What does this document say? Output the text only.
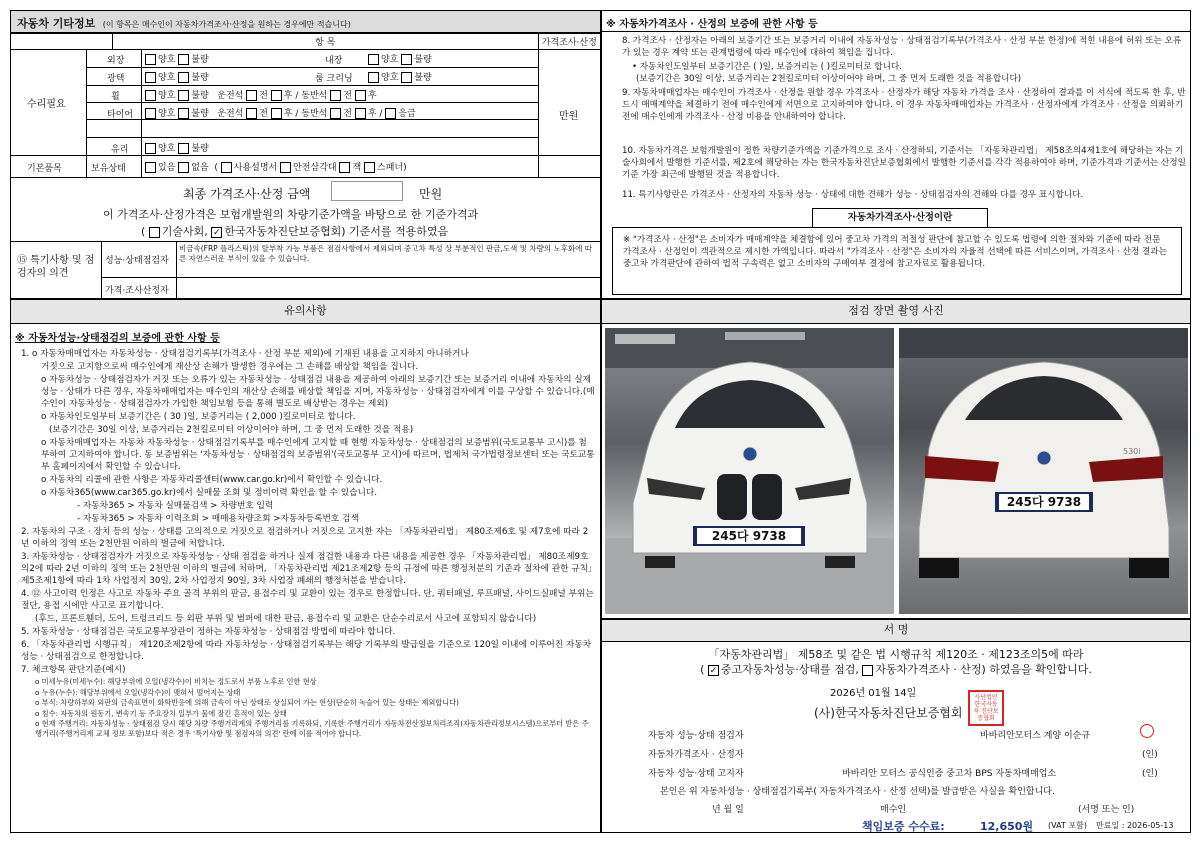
자동차 기타정보 (이 항목은 매수인이 자동차가격조사·산정을 원하는 경우에만 적습니다)
	항 목	가격조사·산정
수리필요
만원
외장	양호 불량	내장	양호 불량
광택	양호 불량	룸 크리닝	양호 불량
휠	양호 불량 운전석 전 후 / 동반석 전 후
타이어	양호 불량 운전석 전 후 / 동반석 전 후 / 응급
유리	양호 불량
기본품목	보유상태	있음 없음  ( 사용설명서 안전삼각대 잭 스패너)
최종 가격조사·산정 금액	만원
이 가격조사·산정가격은 보험개발원의 차량기준가액을 바탕으로 한 기준가격과
( 기술사회, ✓ 한국자동차진단보증협회) 기준서를 적용하였음
⑮ 특기사항 및 점검자의 의견
성능·상태점검자
비금속(FRP 플라스틱)의 탈부착 가능 부품은 점검사항에서 제외되며 중고차 특성 상 부분적인 판금,도색 및 차량의 노후화에 따른 자연스러운 부식이 있을 수 있습니다.
가격·조사산정자
※ 자동차가격조사 · 산정의 보증에 관한 사항 등
8. 가격조사 · 산정자는 아래의 보증기간 또는 보증거리 이내에 자동차성능 · 상태점검기록부(가격조사 · 산정 부분 한정)에 적힌 내용에 허위 또는 오류가 있는 경우 계약 또는 관계법령에 따라 매수인에 대하여 책임을 집니다.
• 자동차인도일부터 보증기간은 ( )일, 보증거리는 ( )킬로미터로 합니다.
(보증기간은 30일 이상, 보증거리는 2천킬로미터 이상이어야 하며, 그 중 먼저 도래한 것을 적용합니다)
9. 자동차매매업자는 매수인이 가격조사 · 산정을 원할 경우 가격조사 · 산정자가 해당 자동차 가격을 조사 · 산정하여 결과를 이 서식에 적도록 한 후, 반드시 매매계약을 체결하기 전에 매수인에게 서면으로 고지하여야 합니다. 이 경우 자동차매매업자는 가격조사 · 산정자에게 가격조사 · 산정을 의뢰하기 전에 매수인에게 가격조사 · 산정 비용을 안내하여야 합니다.
10. 자동차가격은 보험개발원이 정한 차량기준가액을 기준가격으로 조사 · 산정하되, 기준서는 「자동차관리법」 제58조의4제1호에 해당하는 자는 기술사회에서 발행한 기준서를, 제2호에 해당하는 자는 한국자동차진단보증협회에서 발행한 기준서를 각각 적용하여야 하며, 기준가격과 기준서는 산정일 기준 가장 최근에 발행된 것을 적용합니다.
11. 특기사항란은 가격조사 · 산정자의 자동차 성능 · 상태에 대한 견해가 성능 · 상태점검자의 견해와 다를 경우 표시합니다.
자동차가격조사·산정이란
※ "가격조사 · 산정"은 소비자가 매매계약을 체결함에 있어 중고차 가격의 적절성 판단에 참고할 수 있도록 법령에 의한 절차와 기준에 따라 전문 가격조사 · 산정인이 객관적으로 제시한 가액입니다. 따라서 "가격조사 · 산정"은 소비자의 자율적 선택에 따른 서비스이며, 가격조사 · 산정 결과는 중고차 가격판단에 관하여 법적 구속력은 없고 소비자의 구매여부 결정에 참고자료로 활용됩니다.
유의사항
※ 자동차성능·상태점검의 보증에 관한 사항 등

1. o 자동차매매업자는 자동차성능 · 상태점검기록부(가격조사 · 산정 부분 제외)에 기재된 내용을 고지하지 아니하거나

거짓으로 고지함으로써 매수인에게 재산상 손해가 발생한 경우에는 그 손해를 배상할 책임을 집니다.

o 자동차성능 · 상태점검자가 거짓 또는 오류가 있는 자동차성능 · 상태점검 내용을 제공하여 아래의 보증기간 또는 보증거리 이내에 자동차의 실제 성능 · 상태가 다른 경우, 자동차매매업자는 매수인의 재산상 손해를 배상할 책임을 지며, 자동차성능 · 상태점검자에게 이를 구상할 수 있습니다.(매수인이 자동차성능 · 상태점검자가 가입한 책임보험 등을 통해 별도로 배상받는 경우는 제외)

o 자동차인도일부터 보증기간은 ( 30 )일, 보증거리는 ( 2,000 )킬로미터로 합니다.

(보증기간은 30일 이상, 보증거리는 2천킬로미터 이상이어야 하며, 그 중 먼저 도래한 것을 적용)

o 자동차매매업자는 자동차 자동차성능 · 상태점검기록부를 매수인에게 고지할 때 현행 자동차성능 · 상태점검의 보증범위(국토교통부 고시)를 첨부하여 고지하여야 합니다. 동 보증범위는 '자동차성능 · 상태점검의 보증범위'(국토교통부 고시)에 따르며, 법제처 국가법령정보센터 또는 국토교통부 홈페이지에서 확인할 수 있습니다.

o 자동차의 리콜에 관한 사항은 자동차리콜센터(www.car.go.kr)에서 확인할 수 있습니다.

o 자동차365(www.car365.go.kr)에서 실매물 조회 및 정비이력 확인을 할 수 있습니다.

- 자동차365 > 자동차 실매물검색 > 차량번호 입력

- 자동차365 > 자동차 이력조회 > 매매용차량조회 >자동차등록번호 검색

2. 자동차의 구조 · 장치 등의 성능 · 상태를 고의적으로 거짓으로 점검하거나 거짓으로 고지한 자는 「자동차관리법」 제80조제6호 및 제7호에 따라 2년 이하의 징역 또는 2천만원 이하의 벌금에 처합니다.

3. 자동차성능 · 상태점검자가 거짓으로 자동차성능 · 상태 점검을 하거나 실제 점검한 내용과 다른 내용을 제공한 경우 「자동차관리법」 제80조제9호의2에 따라 2년 이하의 징역 또는 2천만원 이하의 벌금에 처하며, 「자동차관리법 제21조제2항 등의 규정에 따른 행정처분의 기준과 절차에 관한 규칙」제5조제1항에 따라 1차 사업정지 30일, 2차 사업정지 90일, 3차 사업장 폐쇄의 행정처분을 받습니다.

4. ⑫ 사고이력 인정은 사고로 자동차 주요 골격 부위의 판금, 용접수리 및 교환이 있는 경우로 한정합니다. 단, 쿼터패널, 루프패널, 사이드실패널 부위는 절단, 용접 시에만 사고로 표기합니다.

(후드, 프론트휀더, 도어, 트렁크리드 등 외판 부위 및 범퍼에 대한 판금, 용접수리 및 교환은 단순수리로서 사고에 포함되지 않습니다)

5. 자동차성능 · 상태점검은 국토교통부장관이 정하는 자동차성능 · 상태점검 방법에 따라야 합니다.

6. 「자동차관리법 시행규칙」 제120조제2항에 따라 자동차성능 · 상태점검기록부는 해당 기록부의 발급일을 기준으로 120일 이내에 이루어진 자동차 성능 · 상태점검으로 한정합니다.

7. 체크항목 판단기준(예시)

o 미세누유(미세누수): 해당부위에 오일(냉각수)이 비치는 정도로서 부품 노후로 인한 현상

o 누유(누수): 해당부위에서 오일(냉각수)이 맺혀서 떨어지는 상태

o 부식: 차량하부와 외판의 금속표면이 화학반응에 의해 금속이 아닌 상태로 상실되어 가는 현상(단순히 녹슬어 있는 상태는 제외합니다)

o 침수: 자동차의 원동기, 변속기 등 주요장치 일부가 물에 잠긴 흔적이 있는 상태

o 현재 주행거리: 자동차성능 · 상태점검 당시 해당 차량 주행거리계의 주행거리를 기록하되, 기록한 주행거리가 자동차전산정보처리조직(자동차관리정보시스템)으로부터 받은 주행거리(주행거리계 교체 정보 포함)보다 적은 경우 '특기사항 및 점검자의 의견' 란에 이를 적어야 합니다.

점검 장면 촬영 사진
245다 9738
530i
245다 9738
서 명
「자동차관리법」 제58조 및 같은 법 시행규칙 제120조 · 제123조의5에 따라
( ✓중고자동차성능·상태를 점검, 자동차가격조사 · 산정) 하였음을 확인합니다.
2026년 01월 14일
(사)한국자동차진단보증협회
사단법인 한국자동차 진단보증협회
자동차 성능·상태 점검자	바바리안모터스 계양 이순규
자동차가격조사 · 산정자	(인)
자동차 성능·상태 고지자	바바리안 모터스 공식인증 중고차 BPS 자동차매매업소	(인)
본인은 위 자동차성능 · 상태점검기록부( 자동차가격조사 · 산정 선택)를 발급받은 사실을 확인합니다.
년 월 일	매수인	(서명 또는 인)
책임보증 수수료:	12,650원 (VAT 포함) 만료일 : 2026-05-13
